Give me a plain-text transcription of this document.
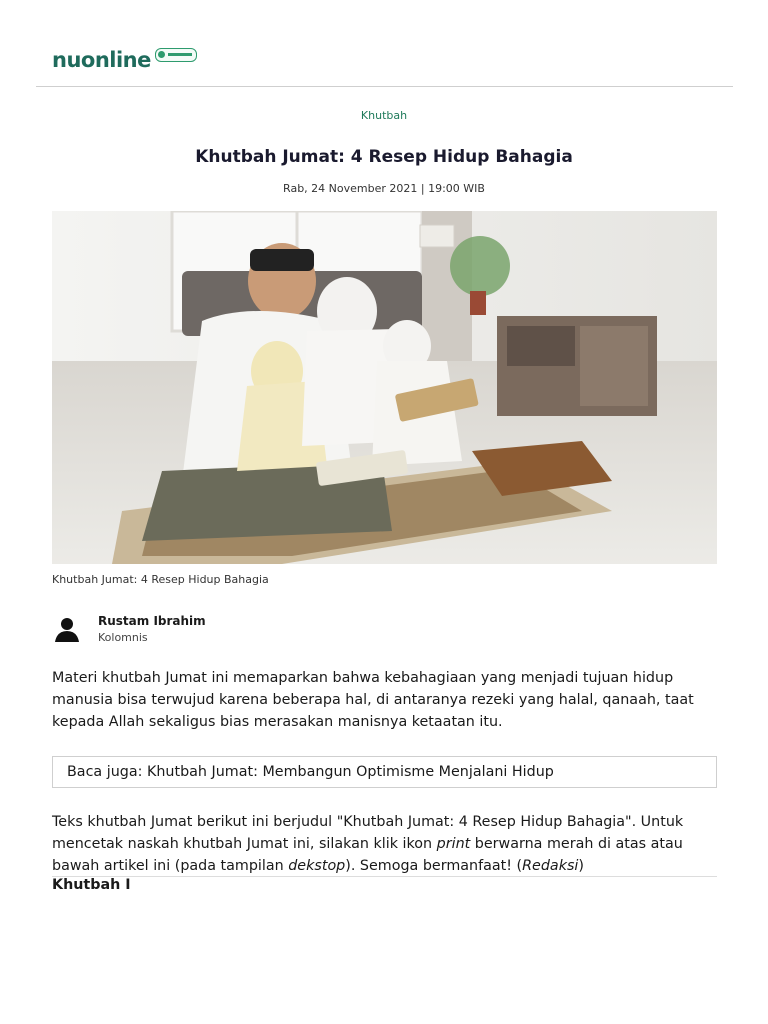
nuonline
Khutbah
Khutbah Jumat: 4 Resep Hidup Bahagia
Rab, 24 November 2021 | 19:00 WIB
Khutbah Jumat: 4 Resep Hidup Bahagia
Rustam Ibrahim
Kolomnis
Materi khutbah Jumat ini memaparkan bahwa kebahagiaan yang menjadi tujuan hidup manusia bisa terwujud karena beberapa hal, di antaranya rezeki yang halal, qanaah, taat kepada Allah sekaligus bias merasakan manisnya ketaatan itu.
Baca juga: Khutbah Jumat: Membangun Optimisme Menjalani Hidup
Teks khutbah Jumat berikut ini berjudul "Khutbah Jumat: 4 Resep Hidup Bahagia". Untuk mencetak naskah khutbah Jumat ini, silakan klik ikon print berwarna merah di atas atau bawah artikel ini (pada tampilan dekstop). Semoga bermanfaat! (Redaksi)
Khutbah I
